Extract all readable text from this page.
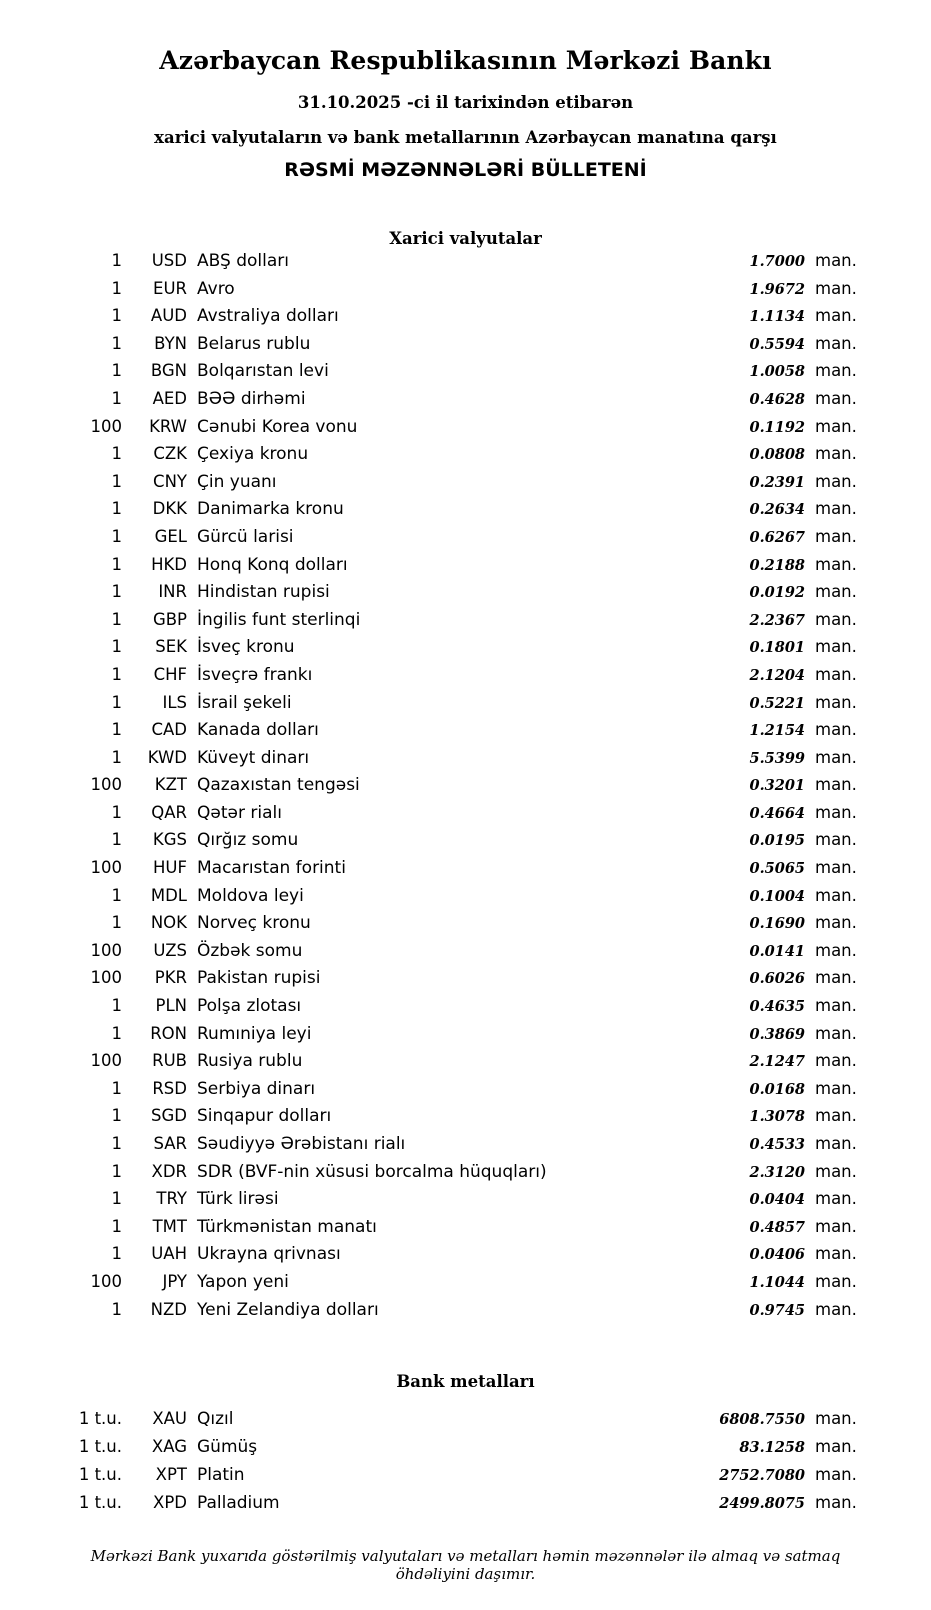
Azərbaycan Respublikasının Mərkəzi Bankı
31.10.2025 -ci il tarixindən etibarən
xarici valyutaların və bank metallarının Azərbaycan manatına qarşı
RƏSMİ MƏZƏNNƏLƏRİ BÜLLETENİ
Xarici valyutalar
1	USD	ABŞ dolları	1.7000	man.
1	EUR	Avro	1.9672	man.
1	AUD	Avstraliya dolları	1.1134	man.
1	BYN	Belarus rublu	0.5594	man.
1	BGN	Bolqarıstan levi	1.0058	man.
1	AED	BƏƏ dirhəmi	0.4628	man.
100	KRW	Cənubi Korea vonu	0.1192	man.
1	CZK	Çexiya kronu	0.0808	man.
1	CNY	Çin yuanı	0.2391	man.
1	DKK	Danimarka kronu	0.2634	man.
1	GEL	Gürcü larisi	0.6267	man.
1	HKD	Honq Konq dolları	0.2188	man.
1	INR	Hindistan rupisi	0.0192	man.
1	GBP	İngilis funt sterlinqi	2.2367	man.
1	SEK	İsveç kronu	0.1801	man.
1	CHF	İsveçrə frankı	2.1204	man.
1	ILS	İsrail şekeli	0.5221	man.
1	CAD	Kanada dolları	1.2154	man.
1	KWD	Küveyt dinarı	5.5399	man.
100	KZT	Qazaxıstan tengəsi	0.3201	man.
1	QAR	Qətər rialı	0.4664	man.
1	KGS	Qırğız somu	0.0195	man.
100	HUF	Macarıstan forinti	0.5065	man.
1	MDL	Moldova leyi	0.1004	man.
1	NOK	Norveç kronu	0.1690	man.
100	UZS	Özbək somu	0.0141	man.
100	PKR	Pakistan rupisi	0.6026	man.
1	PLN	Polşa zlotası	0.4635	man.
1	RON	Rumıniya leyi	0.3869	man.
100	RUB	Rusiya rublu	2.1247	man.
1	RSD	Serbiya dinarı	0.0168	man.
1	SGD	Sinqapur dolları	1.3078	man.
1	SAR	Səudiyyə Ərəbistanı rialı	0.4533	man.
1	XDR	SDR (BVF-nin xüsusi borcalma hüquqları)	2.3120	man.
1	TRY	Türk lirəsi	0.0404	man.
1	TMT	Türkmənistan manatı	0.4857	man.
1	UAH	Ukrayna qrivnası	0.0406	man.
100	JPY	Yapon yeni	1.1044	man.
1	NZD	Yeni Zelandiya dolları	0.9745	man.
Bank metalları
1 t.u.	XAU	Qızıl	6808.7550	man.
1 t.u.	XAG	Gümüş	83.1258	man.
1 t.u.	XPT	Platin	2752.7080	man.
1 t.u.	XPD	Palladium	2499.8075	man.
Mərkəzi Bank yuxarıda göstərilmiş valyutaları və metalları həmin məzənnələr ilə almaq və satmaq öhdəliyini daşımır.
